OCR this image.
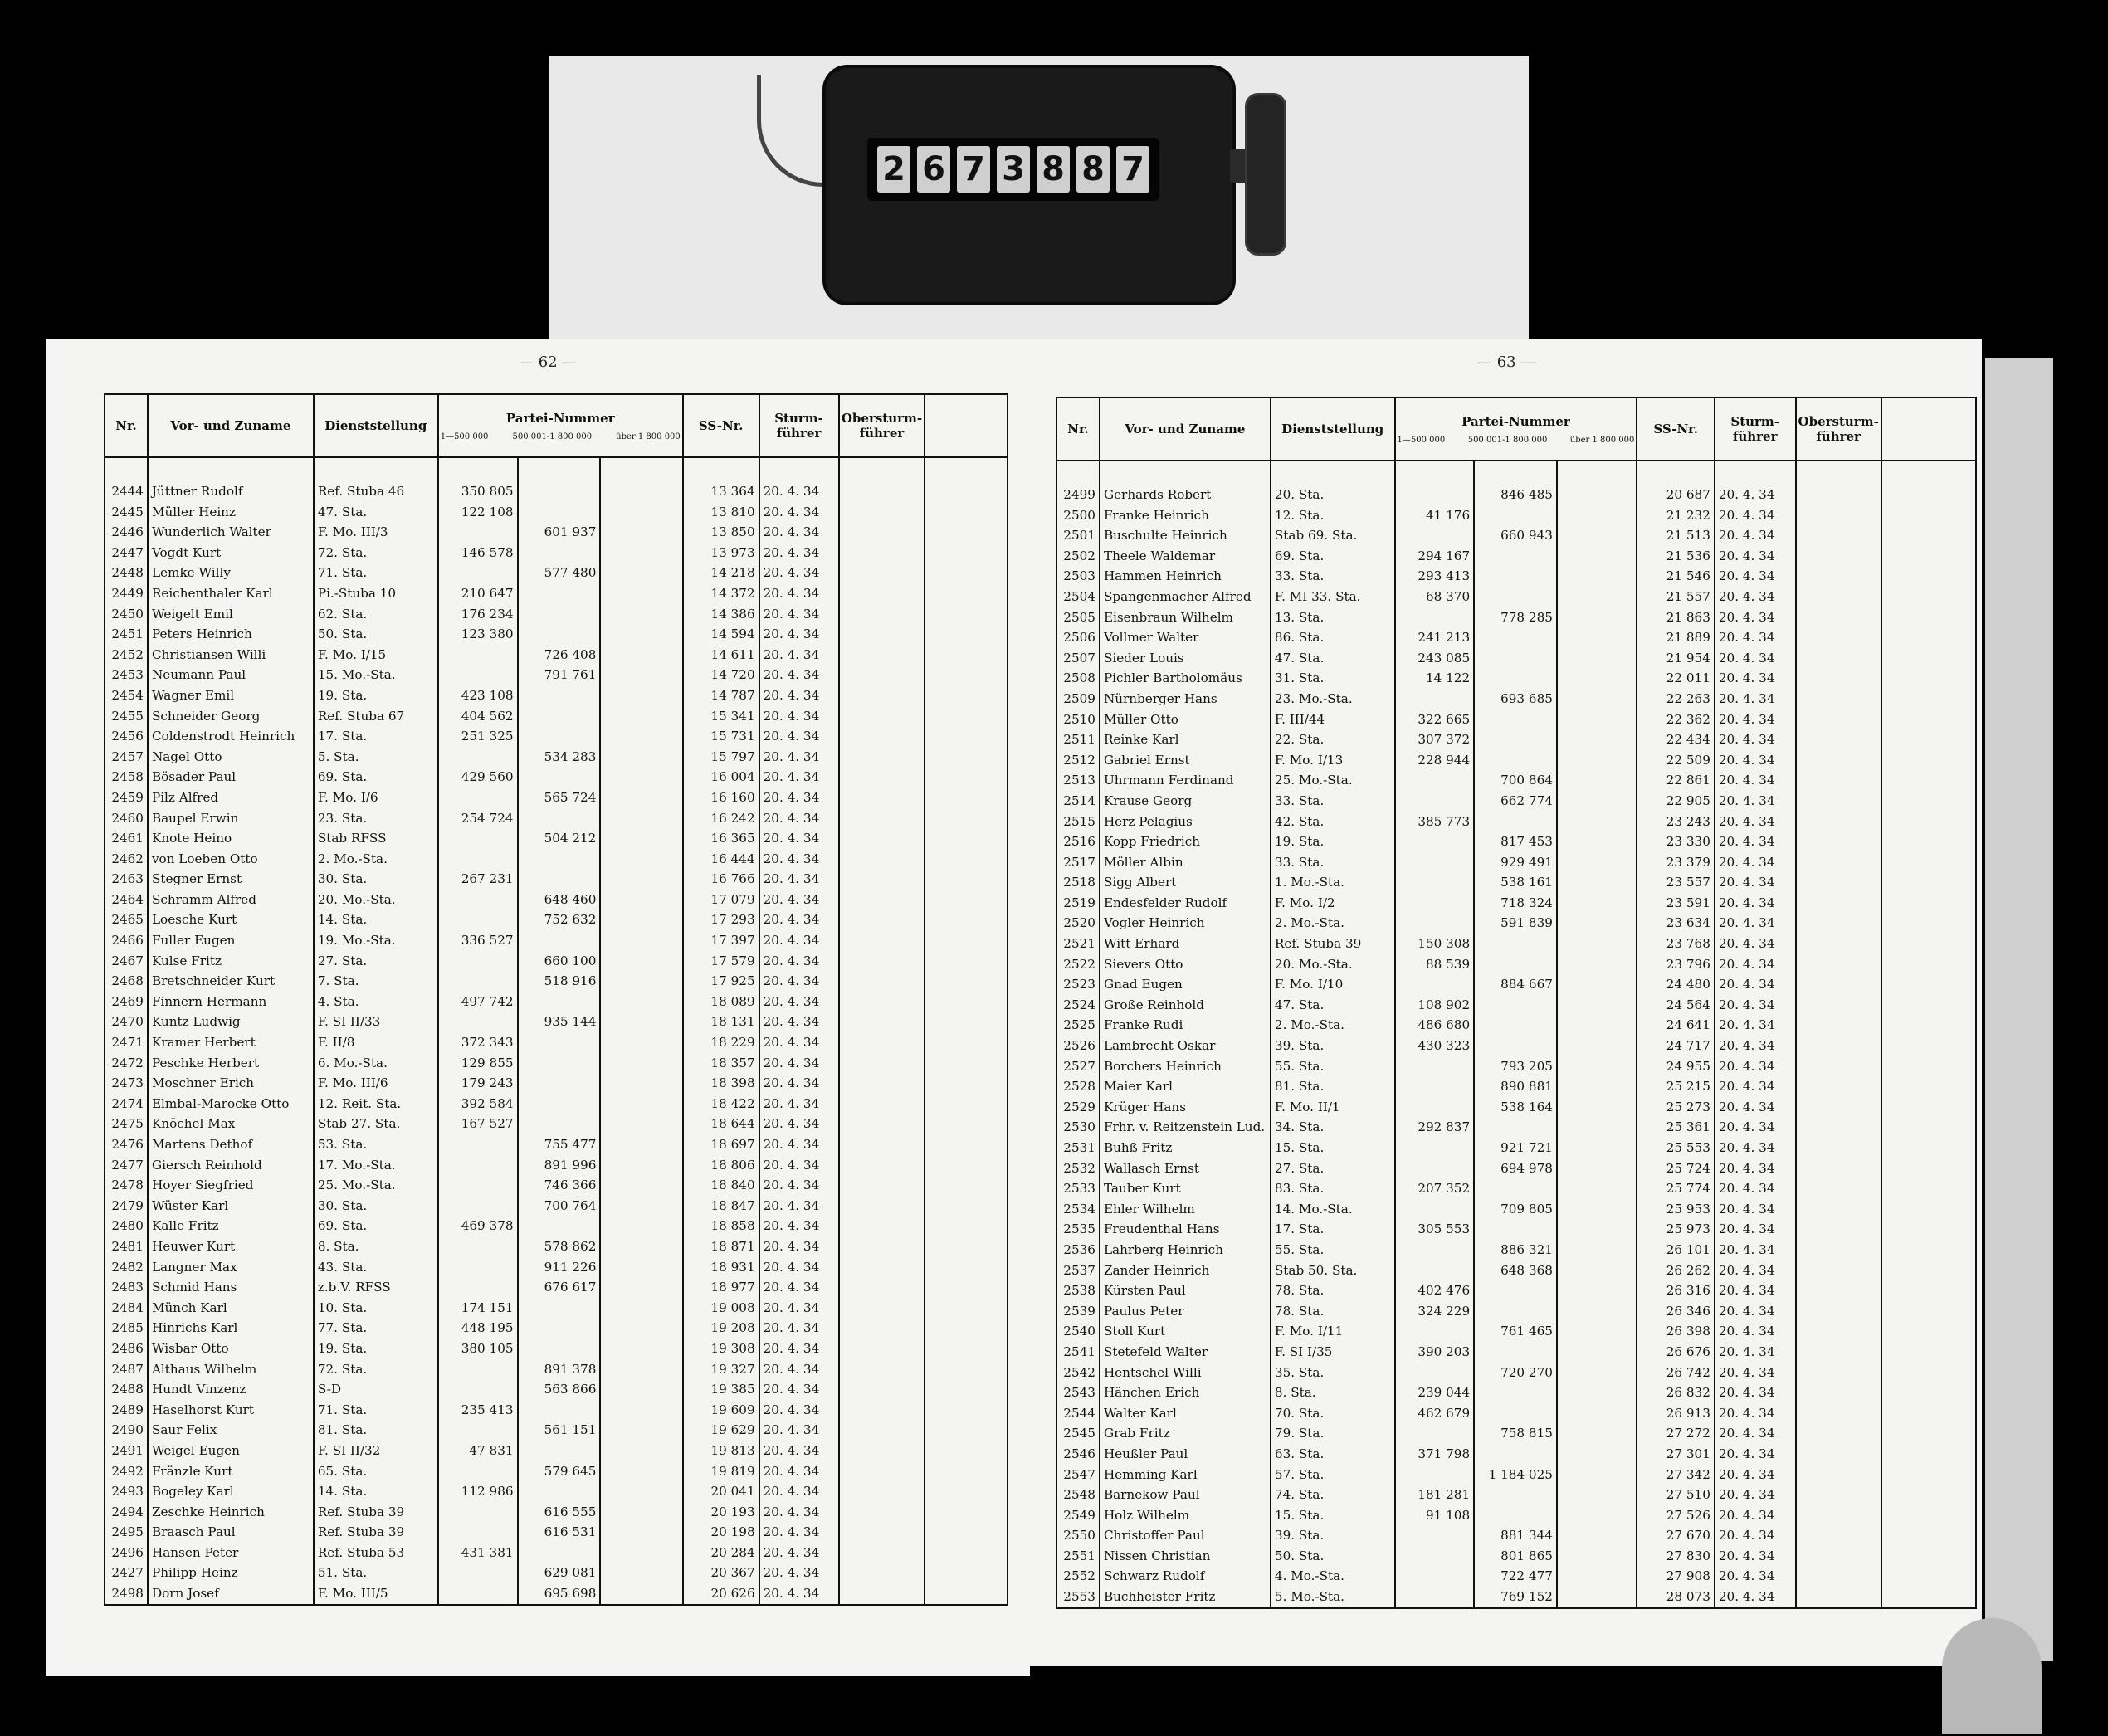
2 6 7 3 8 8 7
— 62 —
Nr.	Vor- und Zuname	Dienststellung	Partei-Nummer
1—500 000 500 001-1 800 000 über 1 800 000			SS-Nr.	Sturm-führer	Obersturm-führer	

2444	Jüttner Rudolf	Ref. Stuba 46	350 805			13 364	20. 4. 34		
2445	Müller Heinz	47. Sta.	122 108			13 810	20. 4. 34		
2446	Wunderlich Walter	F. Mo. III/3		601 937		13 850	20. 4. 34		
2447	Vogdt Kurt	72. Sta.	146 578			13 973	20. 4. 34		
2448	Lemke Willy	71. Sta.		577 480		14 218	20. 4. 34		
2449	Reichenthaler Karl	Pi.-Stuba 10	210 647			14 372	20. 4. 34		
2450	Weigelt Emil	62. Sta.	176 234			14 386	20. 4. 34		
2451	Peters Heinrich	50. Sta.	123 380			14 594	20. 4. 34		
2452	Christiansen Willi	F. Mo. I/15		726 408		14 611	20. 4. 34		
2453	Neumann Paul	15. Mo.-Sta.		791 761		14 720	20. 4. 34		
2454	Wagner Emil	19. Sta.	423 108			14 787	20. 4. 34		
2455	Schneider Georg	Ref. Stuba 67	404 562			15 341	20. 4. 34		
2456	Coldenstrodt Heinrich	17. Sta.	251 325			15 731	20. 4. 34		
2457	Nagel Otto	5. Sta.		534 283		15 797	20. 4. 34		
2458	Bösader Paul	69. Sta.	429 560			16 004	20. 4. 34		
2459	Pilz Alfred	F. Mo. I/6		565 724		16 160	20. 4. 34		
2460	Baupel Erwin	23. Sta.	254 724			16 242	20. 4. 34		
2461	Knote Heino	Stab RFSS		504 212		16 365	20. 4. 34		
2462	von Loeben Otto	2. Mo.-Sta.				16 444	20. 4. 34		
2463	Stegner Ernst	30. Sta.	267 231			16 766	20. 4. 34		
2464	Schramm Alfred	20. Mo.-Sta.		648 460		17 079	20. 4. 34		
2465	Loesche Kurt	14. Sta.		752 632		17 293	20. 4. 34		
2466	Fuller Eugen	19. Mo.-Sta.	336 527			17 397	20. 4. 34		
2467	Kulse Fritz	27. Sta.		660 100		17 579	20. 4. 34		
2468	Bretschneider Kurt	7. Sta.		518 916		17 925	20. 4. 34		
2469	Finnern Hermann	4. Sta.	497 742			18 089	20. 4. 34		
2470	Kuntz Ludwig	F. SI II/33		935 144		18 131	20. 4. 34		
2471	Kramer Herbert	F. II/8	372 343			18 229	20. 4. 34		
2472	Peschke Herbert	6. Mo.-Sta.	129 855			18 357	20. 4. 34		
2473	Moschner Erich	F. Mo. III/6	179 243			18 398	20. 4. 34		
2474	Elmbal-Marocke Otto	12. Reit. Sta.	392 584			18 422	20. 4. 34		
2475	Knöchel Max	Stab 27. Sta.	167 527			18 644	20. 4. 34		
2476	Martens Dethof	53. Sta.		755 477		18 697	20. 4. 34		
2477	Giersch Reinhold	17. Mo.-Sta.		891 996		18 806	20. 4. 34		
2478	Hoyer Siegfried	25. Mo.-Sta.		746 366		18 840	20. 4. 34		
2479	Wüster Karl	30. Sta.		700 764		18 847	20. 4. 34		
2480	Kalle Fritz	69. Sta.	469 378			18 858	20. 4. 34		
2481	Heuwer Kurt	8. Sta.		578 862		18 871	20. 4. 34		
2482	Langner Max	43. Sta.		911 226		18 931	20. 4. 34		
2483	Schmid Hans	z.b.V. RFSS		676 617		18 977	20. 4. 34		
2484	Münch Karl	10. Sta.	174 151			19 008	20. 4. 34		
2485	Hinrichs Karl	77. Sta.	448 195			19 208	20. 4. 34		
2486	Wisbar Otto	19. Sta.	380 105			19 308	20. 4. 34		
2487	Althaus Wilhelm	72. Sta.		891 378		19 327	20. 4. 34		
2488	Hundt Vinzenz	S-D		563 866		19 385	20. 4. 34		
2489	Haselhorst Kurt	71. Sta.	235 413			19 609	20. 4. 34		
2490	Saur Felix	81. Sta.		561 151		19 629	20. 4. 34		
2491	Weigel Eugen	F. SI II/32	47 831			19 813	20. 4. 34		
2492	Fränzle Kurt	65. Sta.		579 645		19 819	20. 4. 34		
2493	Bogeley Karl	14. Sta.	112 986			20 041	20. 4. 34		
2494	Zeschke Heinrich	Ref. Stuba 39		616 555		20 193	20. 4. 34		
2495	Braasch Paul	Ref. Stuba 39		616 531		20 198	20. 4. 34		
2496	Hansen Peter	Ref. Stuba 53	431 381			20 284	20. 4. 34		
2427	Philipp Heinz	51. Sta.		629 081		20 367	20. 4. 34		
2498	Dorn Josef	F. Mo. III/5		695 698		20 626	20. 4. 34		
— 63 —
Nr.	Vor- und Zuname	Dienststellung	Partei-Nummer
1—500 000 500 001-1 800 000 über 1 800 000			SS-Nr.	Sturm-führer	Obersturm-führer	

2499	Gerhards Robert	20. Sta.		846 485		20 687	20. 4. 34		
2500	Franke Heinrich	12. Sta.	41 176			21 232	20. 4. 34		
2501	Buschulte Heinrich	Stab 69. Sta.		660 943		21 513	20. 4. 34		
2502	Theele Waldemar	69. Sta.	294 167			21 536	20. 4. 34		
2503	Hammen Heinrich	33. Sta.	293 413			21 546	20. 4. 34		
2504	Spangenmacher Alfred	F. MI 33. Sta.	68 370			21 557	20. 4. 34		
2505	Eisenbraun Wilhelm	13. Sta.		778 285		21 863	20. 4. 34		
2506	Vollmer Walter	86. Sta.	241 213			21 889	20. 4. 34		
2507	Sieder Louis	47. Sta.	243 085			21 954	20. 4. 34		
2508	Pichler Bartholomäus	31. Sta.	14 122			22 011	20. 4. 34		
2509	Nürnberger Hans	23. Mo.-Sta.		693 685		22 263	20. 4. 34		
2510	Müller Otto	F. III/44	322 665			22 362	20. 4. 34		
2511	Reinke Karl	22. Sta.	307 372			22 434	20. 4. 34		
2512	Gabriel Ernst	F. Mo. I/13	228 944			22 509	20. 4. 34		
2513	Uhrmann Ferdinand	25. Mo.-Sta.		700 864		22 861	20. 4. 34		
2514	Krause Georg	33. Sta.		662 774		22 905	20. 4. 34		
2515	Herz Pelagius	42. Sta.	385 773			23 243	20. 4. 34		
2516	Kopp Friedrich	19. Sta.		817 453		23 330	20. 4. 34		
2517	Möller Albin	33. Sta.		929 491		23 379	20. 4. 34		
2518	Sigg Albert	1. Mo.-Sta.		538 161		23 557	20. 4. 34		
2519	Endesfelder Rudolf	F. Mo. I/2		718 324		23 591	20. 4. 34		
2520	Vogler Heinrich	2. Mo.-Sta.		591 839		23 634	20. 4. 34		
2521	Witt Erhard	Ref. Stuba 39	150 308			23 768	20. 4. 34		
2522	Sievers Otto	20. Mo.-Sta.	88 539			23 796	20. 4. 34		
2523	Gnad Eugen	F. Mo. I/10		884 667		24 480	20. 4. 34		
2524	Große Reinhold	47. Sta.	108 902			24 564	20. 4. 34		
2525	Franke Rudi	2. Mo.-Sta.	486 680			24 641	20. 4. 34		
2526	Lambrecht Oskar	39. Sta.	430 323			24 717	20. 4. 34		
2527	Borchers Heinrich	55. Sta.		793 205		24 955	20. 4. 34		
2528	Maier Karl	81. Sta.		890 881		25 215	20. 4. 34		
2529	Krüger Hans	F. Mo. II/1		538 164		25 273	20. 4. 34		
2530	Frhr. v. Reitzenstein Lud.	34. Sta.	292 837			25 361	20. 4. 34		
2531	Buhß Fritz	15. Sta.		921 721		25 553	20. 4. 34		
2532	Wallasch Ernst	27. Sta.		694 978		25 724	20. 4. 34		
2533	Tauber Kurt	83. Sta.	207 352			25 774	20. 4. 34		
2534	Ehler Wilhelm	14. Mo.-Sta.		709 805		25 953	20. 4. 34		
2535	Freudenthal Hans	17. Sta.	305 553			25 973	20. 4. 34		
2536	Lahrberg Heinrich	55. Sta.		886 321		26 101	20. 4. 34		
2537	Zander Heinrich	Stab 50. Sta.		648 368		26 262	20. 4. 34		
2538	Kürsten Paul	78. Sta.	402 476			26 316	20. 4. 34		
2539	Paulus Peter	78. Sta.	324 229			26 346	20. 4. 34		
2540	Stoll Kurt	F. Mo. I/11		761 465		26 398	20. 4. 34		
2541	Stetefeld Walter	F. SI I/35	390 203			26 676	20. 4. 34		
2542	Hentschel Willi	35. Sta.		720 270		26 742	20. 4. 34		
2543	Hänchen Erich	8. Sta.	239 044			26 832	20. 4. 34		
2544	Walter Karl	70. Sta.	462 679			26 913	20. 4. 34		
2545	Grab Fritz	79. Sta.		758 815		27 272	20. 4. 34		
2546	Heußler Paul	63. Sta.	371 798			27 301	20. 4. 34		
2547	Hemming Karl	57. Sta.		1 184 025		27 342	20. 4. 34		
2548	Barnekow Paul	74. Sta.	181 281			27 510	20. 4. 34		
2549	Holz Wilhelm	15. Sta.	91 108			27 526	20. 4. 34		
2550	Christoffer Paul	39. Sta.		881 344		27 670	20. 4. 34		
2551	Nissen Christian	50. Sta.		801 865		27 830	20. 4. 34		
2552	Schwarz Rudolf	4. Mo.-Sta.		722 477		27 908	20. 4. 34		
2553	Buchheister Fritz	5. Mo.-Sta.		769 152		28 073	20. 4. 34		
